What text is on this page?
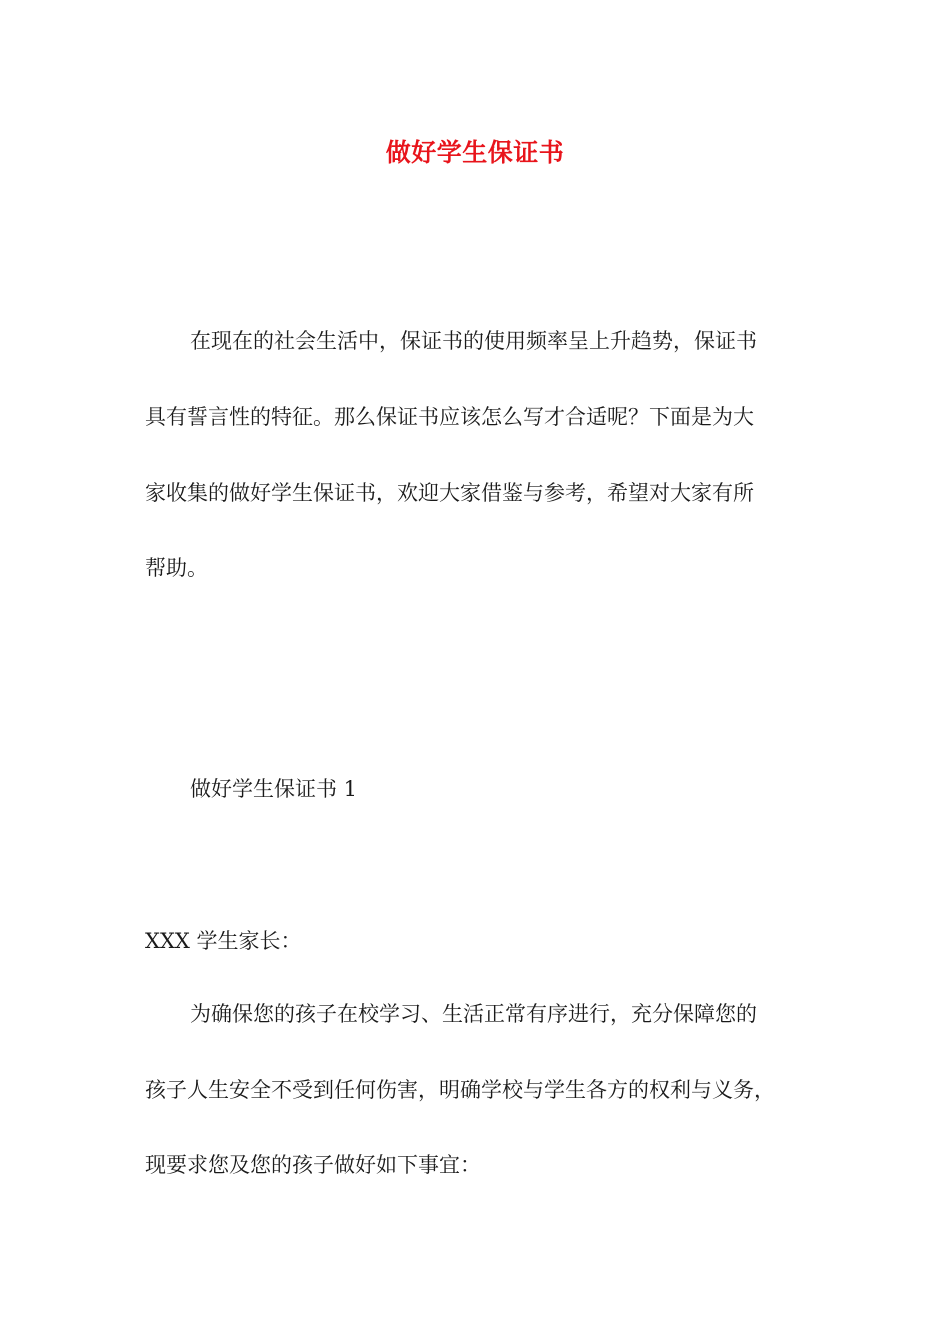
做好学生保证书
在现在的社会生活中，保证书的使用频率呈上升趋势，保证书
具有誓言性的特征。那么保证书应该怎么写才合适呢？下面是为大
家收集的做好学生保证书，欢迎大家借鉴与参考，希望对大家有所
帮助。
做好学生保证书 1
XXX 学生家长：
为确保您的孩子在校学习、生活正常有序进行，充分保障您的
孩子人生安全不受到任何伤害，明确学校与学生各方的权利与义务，
现要求您及您的孩子做好如下事宜：
